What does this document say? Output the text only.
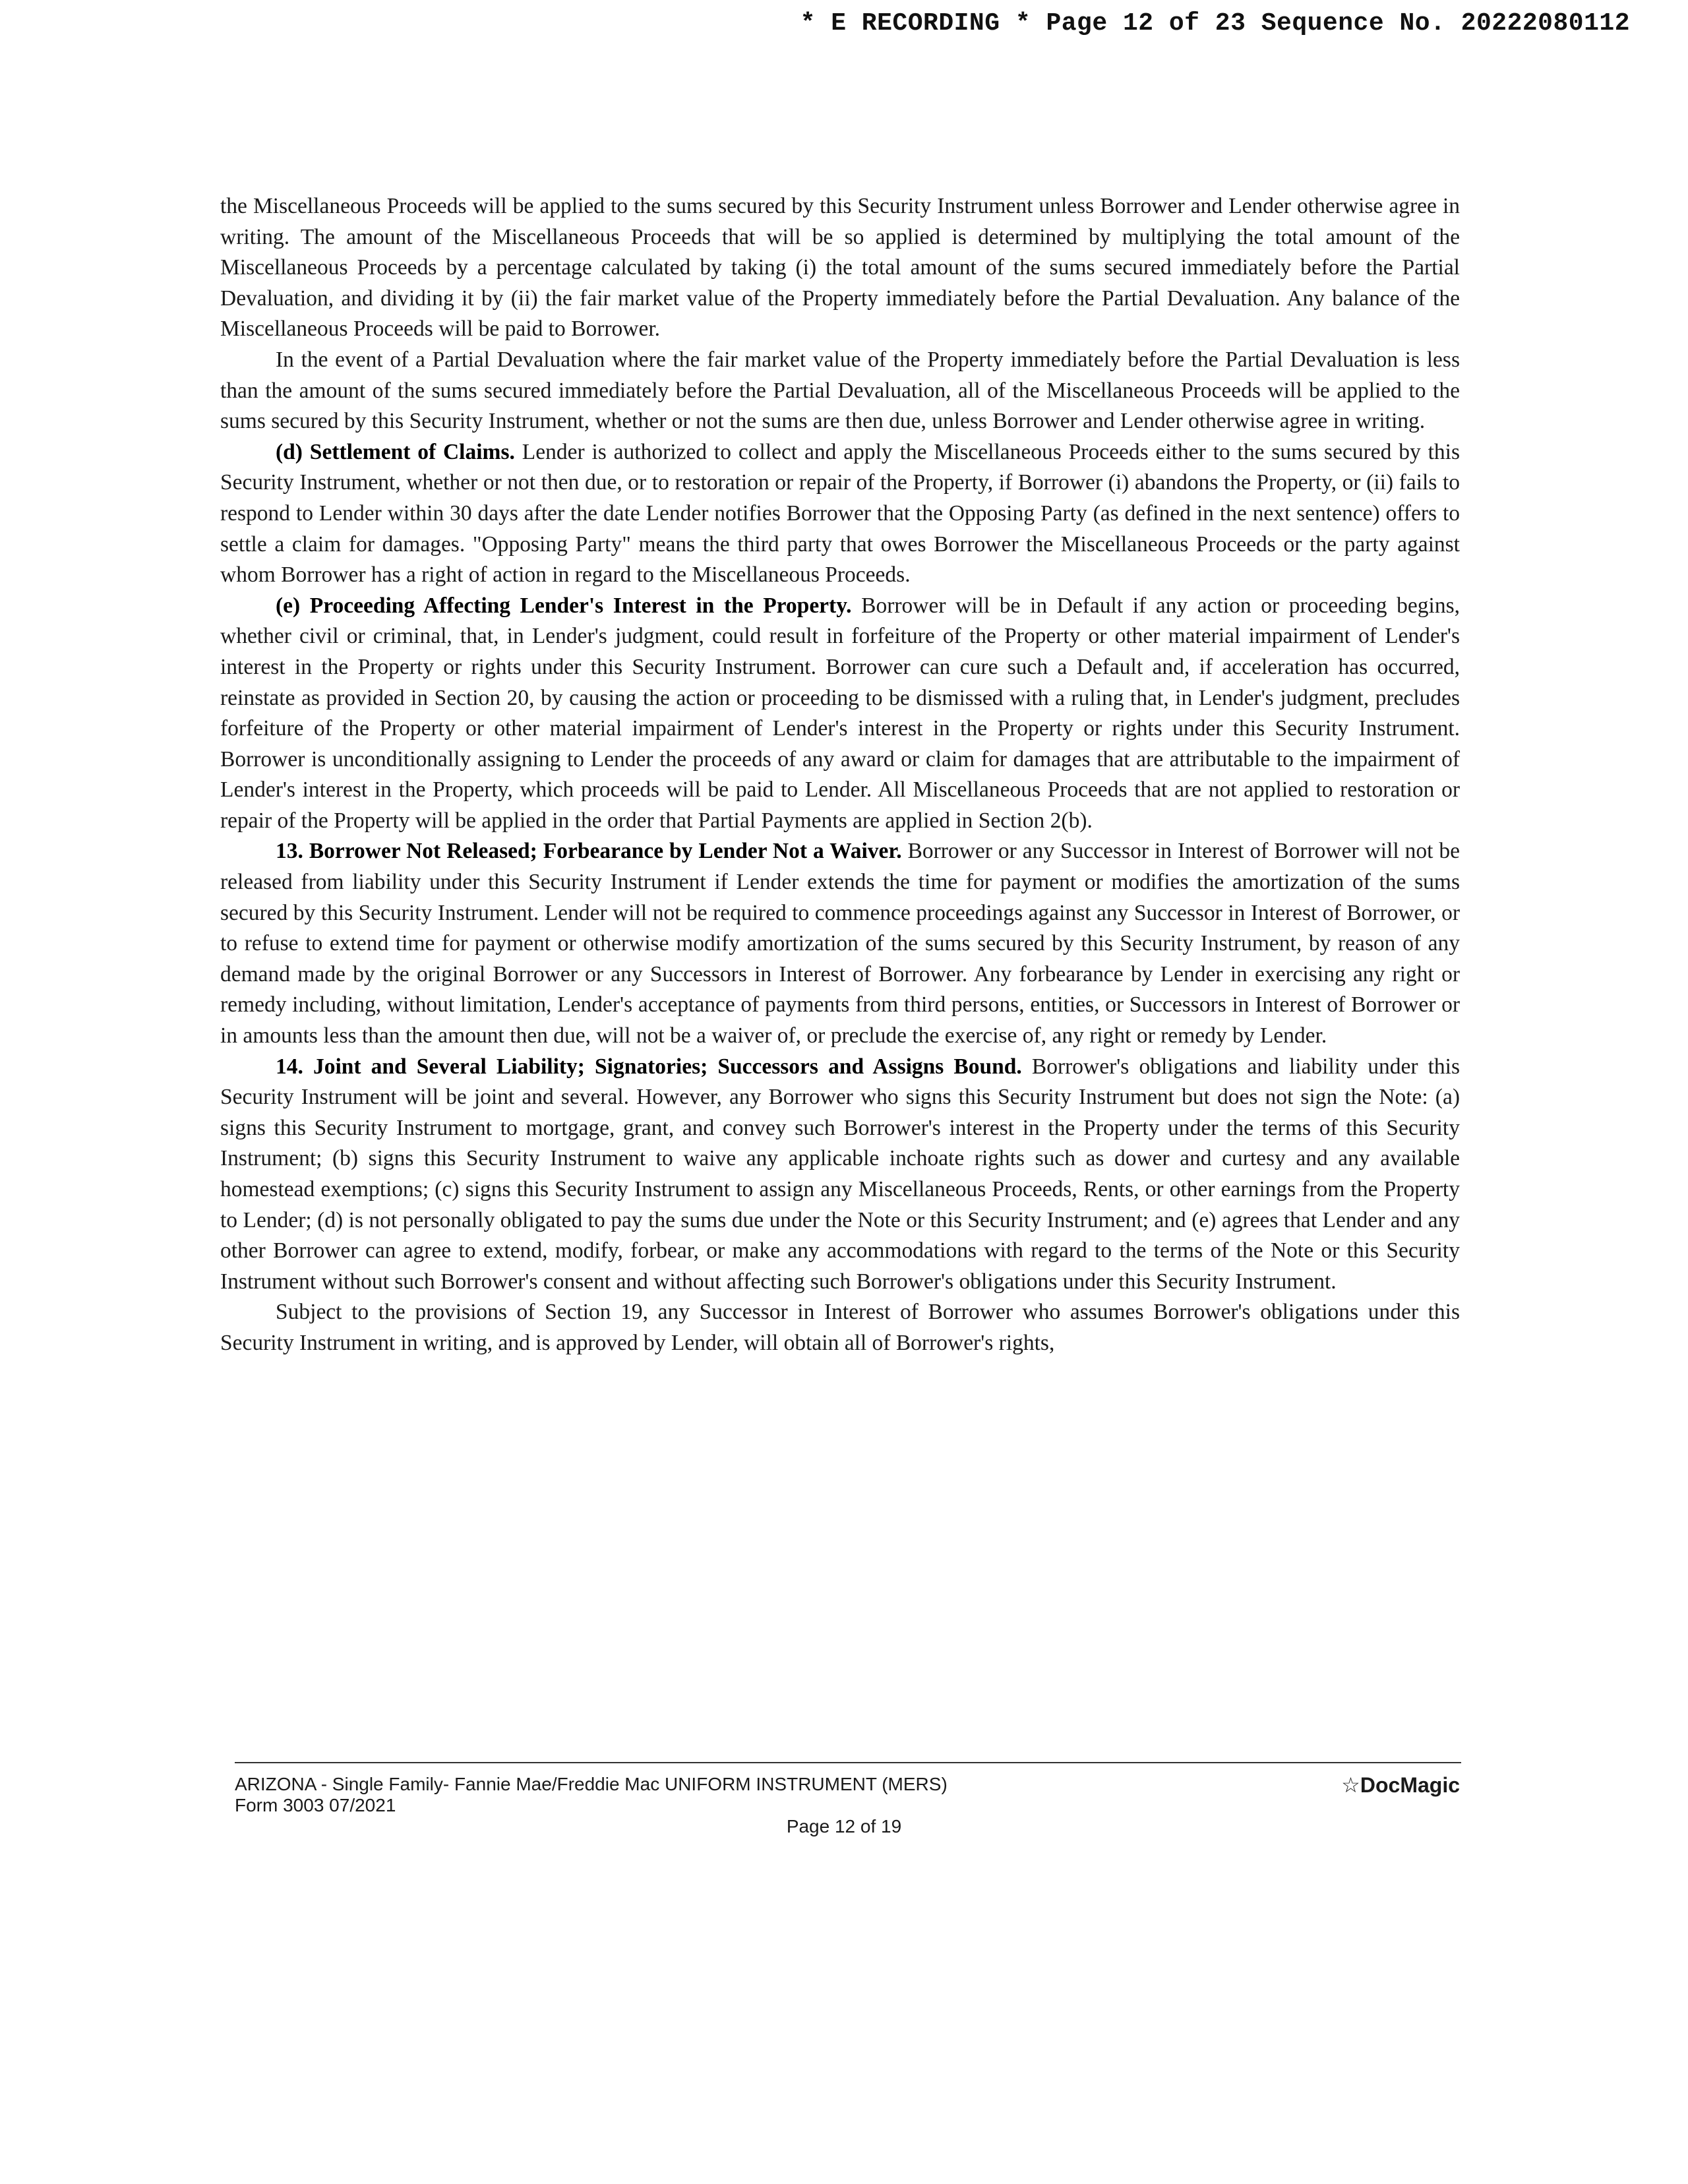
* E RECORDING * Page 12 of 23 Sequence No. 20222080112

the Miscellaneous Proceeds will be applied to the sums secured by this Security Instrument unless Borrower and Lender otherwise agree in writing. The amount of the Miscellaneous Proceeds that will be so applied is determined by multiplying the total amount of the Miscellaneous Proceeds by a percentage calculated by taking (i) the total amount of the sums secured immediately before the Partial Devaluation, and dividing it by (ii) the fair market value of the Property immediately before the Partial Devaluation. Any balance of the Miscellaneous Proceeds will be paid to Borrower.

In the event of a Partial Devaluation where the fair market value of the Property immediately before the Partial Devaluation is less than the amount of the sums secured immediately before the Partial Devaluation, all of the Miscellaneous Proceeds will be applied to the sums secured by this Security Instrument, whether or not the sums are then due, unless Borrower and Lender otherwise agree in writing.

(d) Settlement of Claims. Lender is authorized to collect and apply the Miscellaneous Proceeds either to the sums secured by this Security Instrument, whether or not then due, or to restoration or repair of the Property, if Borrower (i) abandons the Property, or (ii) fails to respond to Lender within 30 days after the date Lender notifies Borrower that the Opposing Party (as defined in the next sentence) offers to settle a claim for damages. "Opposing Party" means the third party that owes Borrower the Miscellaneous Proceeds or the party against whom Borrower has a right of action in regard to the Miscellaneous Proceeds.

(e) Proceeding Affecting Lender's Interest in the Property. Borrower will be in Default if any action or proceeding begins, whether civil or criminal, that, in Lender's judgment, could result in forfeiture of the Property or other material impairment of Lender's interest in the Property or rights under this Security Instrument. Borrower can cure such a Default and, if acceleration has occurred, reinstate as provided in Section 20, by causing the action or proceeding to be dismissed with a ruling that, in Lender's judgment, precludes forfeiture of the Property or other material impairment of Lender's interest in the Property or rights under this Security Instrument. Borrower is unconditionally assigning to Lender the proceeds of any award or claim for damages that are attributable to the impairment of Lender's interest in the Property, which proceeds will be paid to Lender. All Miscellaneous Proceeds that are not applied to restoration or repair of the Property will be applied in the order that Partial Payments are applied in Section 2(b).

13. Borrower Not Released; Forbearance by Lender Not a Waiver. Borrower or any Successor in Interest of Borrower will not be released from liability under this Security Instrument if Lender extends the time for payment or modifies the amortization of the sums secured by this Security Instrument. Lender will not be required to commence proceedings against any Successor in Interest of Borrower, or to refuse to extend time for payment or otherwise modify amortization of the sums secured by this Security Instrument, by reason of any demand made by the original Borrower or any Successors in Interest of Borrower. Any forbearance by Lender in exercising any right or remedy including, without limitation, Lender's acceptance of payments from third persons, entities, or Successors in Interest of Borrower or in amounts less than the amount then due, will not be a waiver of, or preclude the exercise of, any right or remedy by Lender.

14. Joint and Several Liability; Signatories; Successors and Assigns Bound. Borrower's obligations and liability under this Security Instrument will be joint and several. However, any Borrower who signs this Security Instrument but does not sign the Note: (a) signs this Security Instrument to mortgage, grant, and convey such Borrower's interest in the Property under the terms of this Security Instrument; (b) signs this Security Instrument to waive any applicable inchoate rights such as dower and curtesy and any available homestead exemptions; (c) signs this Security Instrument to assign any Miscellaneous Proceeds, Rents, or other earnings from the Property to Lender; (d) is not personally obligated to pay the sums due under the Note or this Security Instrument; and (e) agrees that Lender and any other Borrower can agree to extend, modify, forbear, or make any accommodations with regard to the terms of the Note or this Security Instrument without such Borrower's consent and without affecting such Borrower's obligations under this Security Instrument.

Subject to the provisions of Section 19, any Successor in Interest of Borrower who assumes Borrower's obligations under this Security Instrument in writing, and is approved by Lender, will obtain all of Borrower's rights,

ARIZONA - Single Family- Fannie Mae/Freddie Mac UNIFORM INSTRUMENT (MERS)
Form 3003 07/2021
☆DocMagic
Page 12 of 19
